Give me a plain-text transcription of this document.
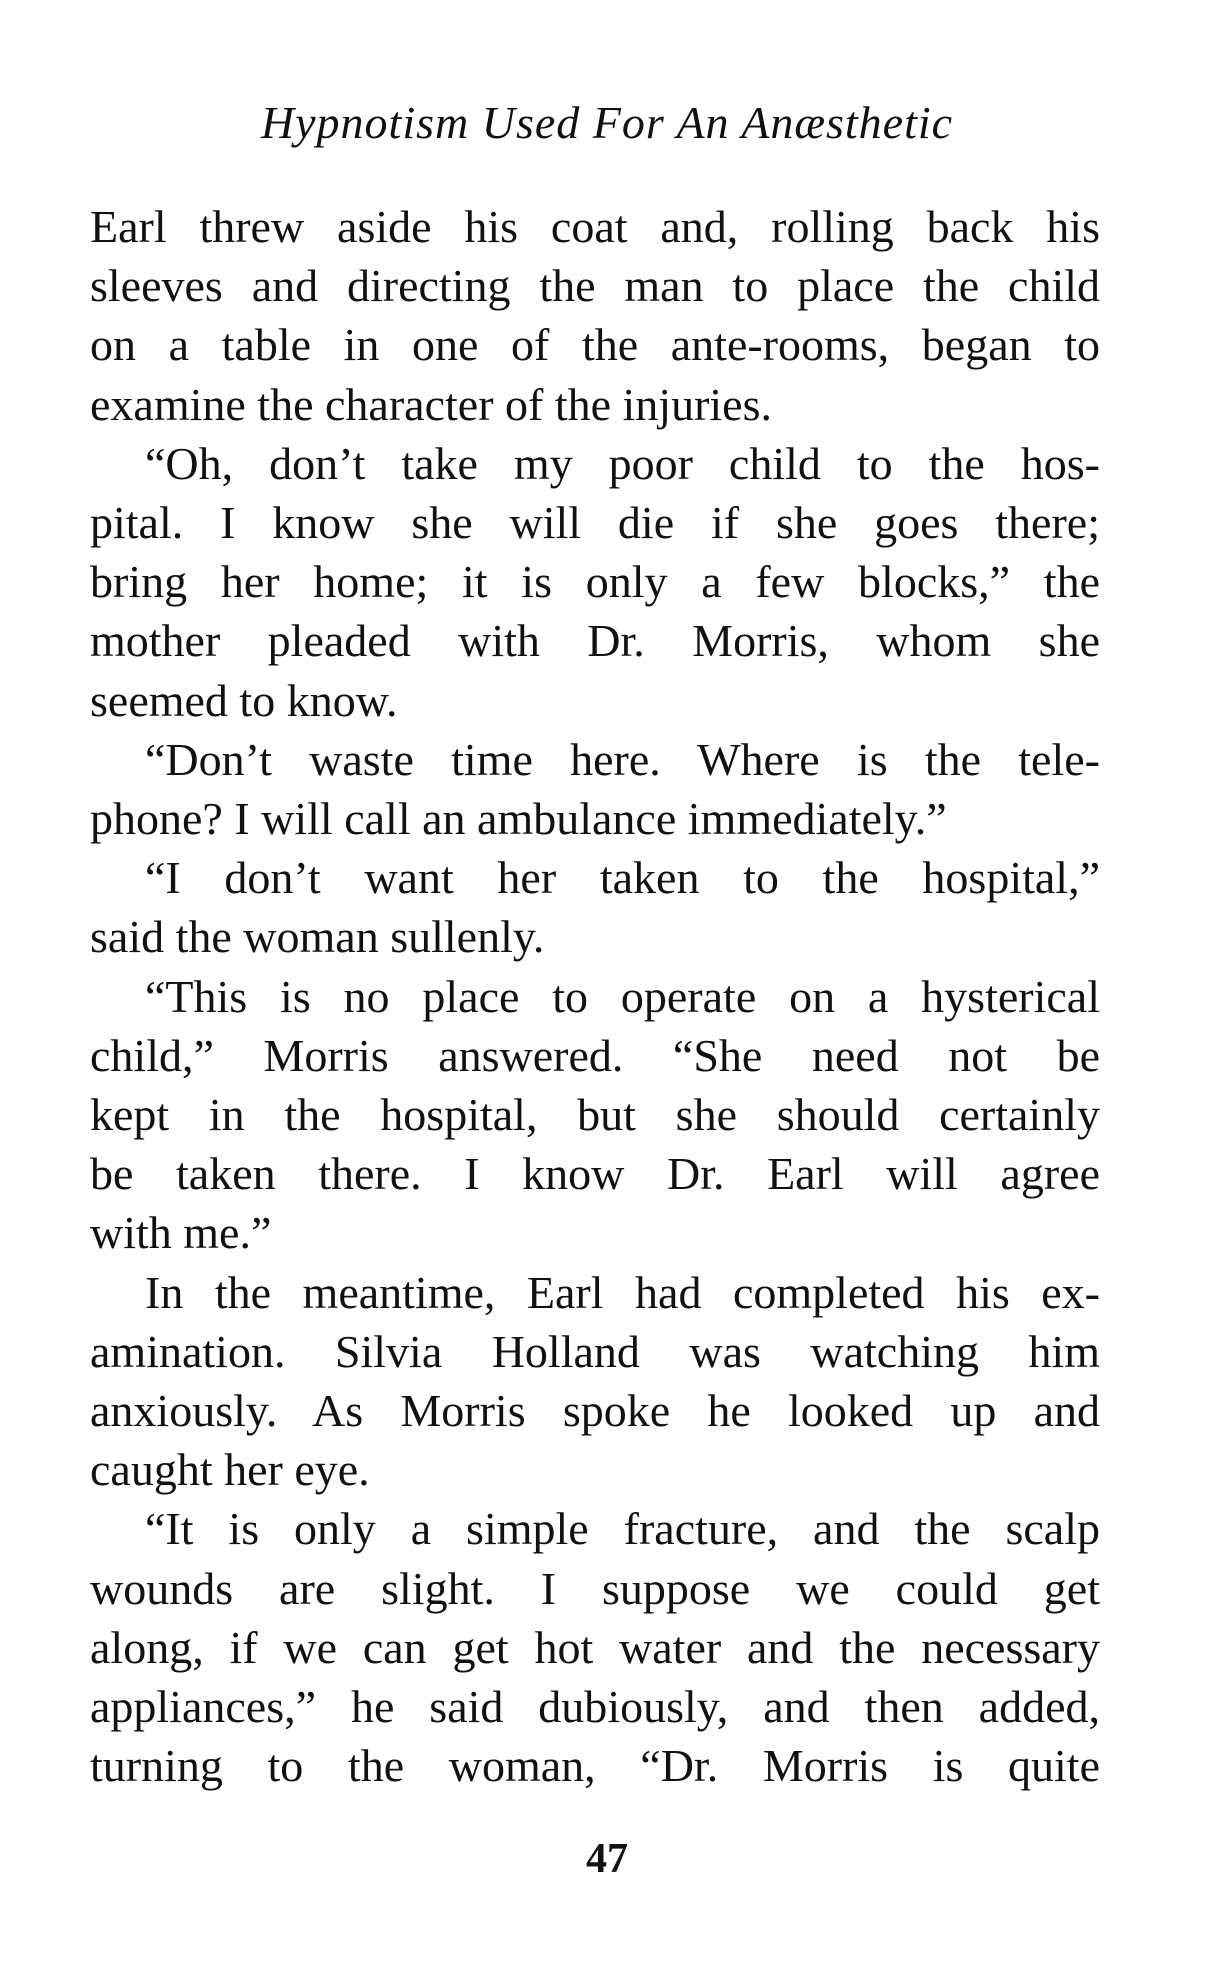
Hypnotism Used For An Anæsthetic
Earl threw aside his coat and, rolling back his
sleeves and directing the man to place the child
on a table in one of the ante-rooms, began to
examine the character of the injuries.
“Oh, don’t take my poor child to the hos-
pital. I know she will die if she goes there;
bring her home; it is only a few blocks,” the
mother pleaded with Dr. Morris, whom she
seemed to know.
“Don’t waste time here. Where is the tele-
phone? I will call an ambulance immediately.”
“I don’t want her taken to the hospital,”
said the woman sullenly.
“This is no place to operate on a hysterical
child,” Morris answered. “She need not be
kept in the hospital, but she should certainly
be taken there. I know Dr. Earl will agree
with me.”
In the meantime, Earl had completed his ex-
amination. Silvia Holland was watching him
anxiously. As Morris spoke he looked up and
caught her eye.
“It is only a simple fracture, and the scalp
wounds are slight. I suppose we could get
along, if we can get hot water and the necessary
appliances,” he said dubiously, and then added,
turning to the woman, “Dr. Morris is quite
47
